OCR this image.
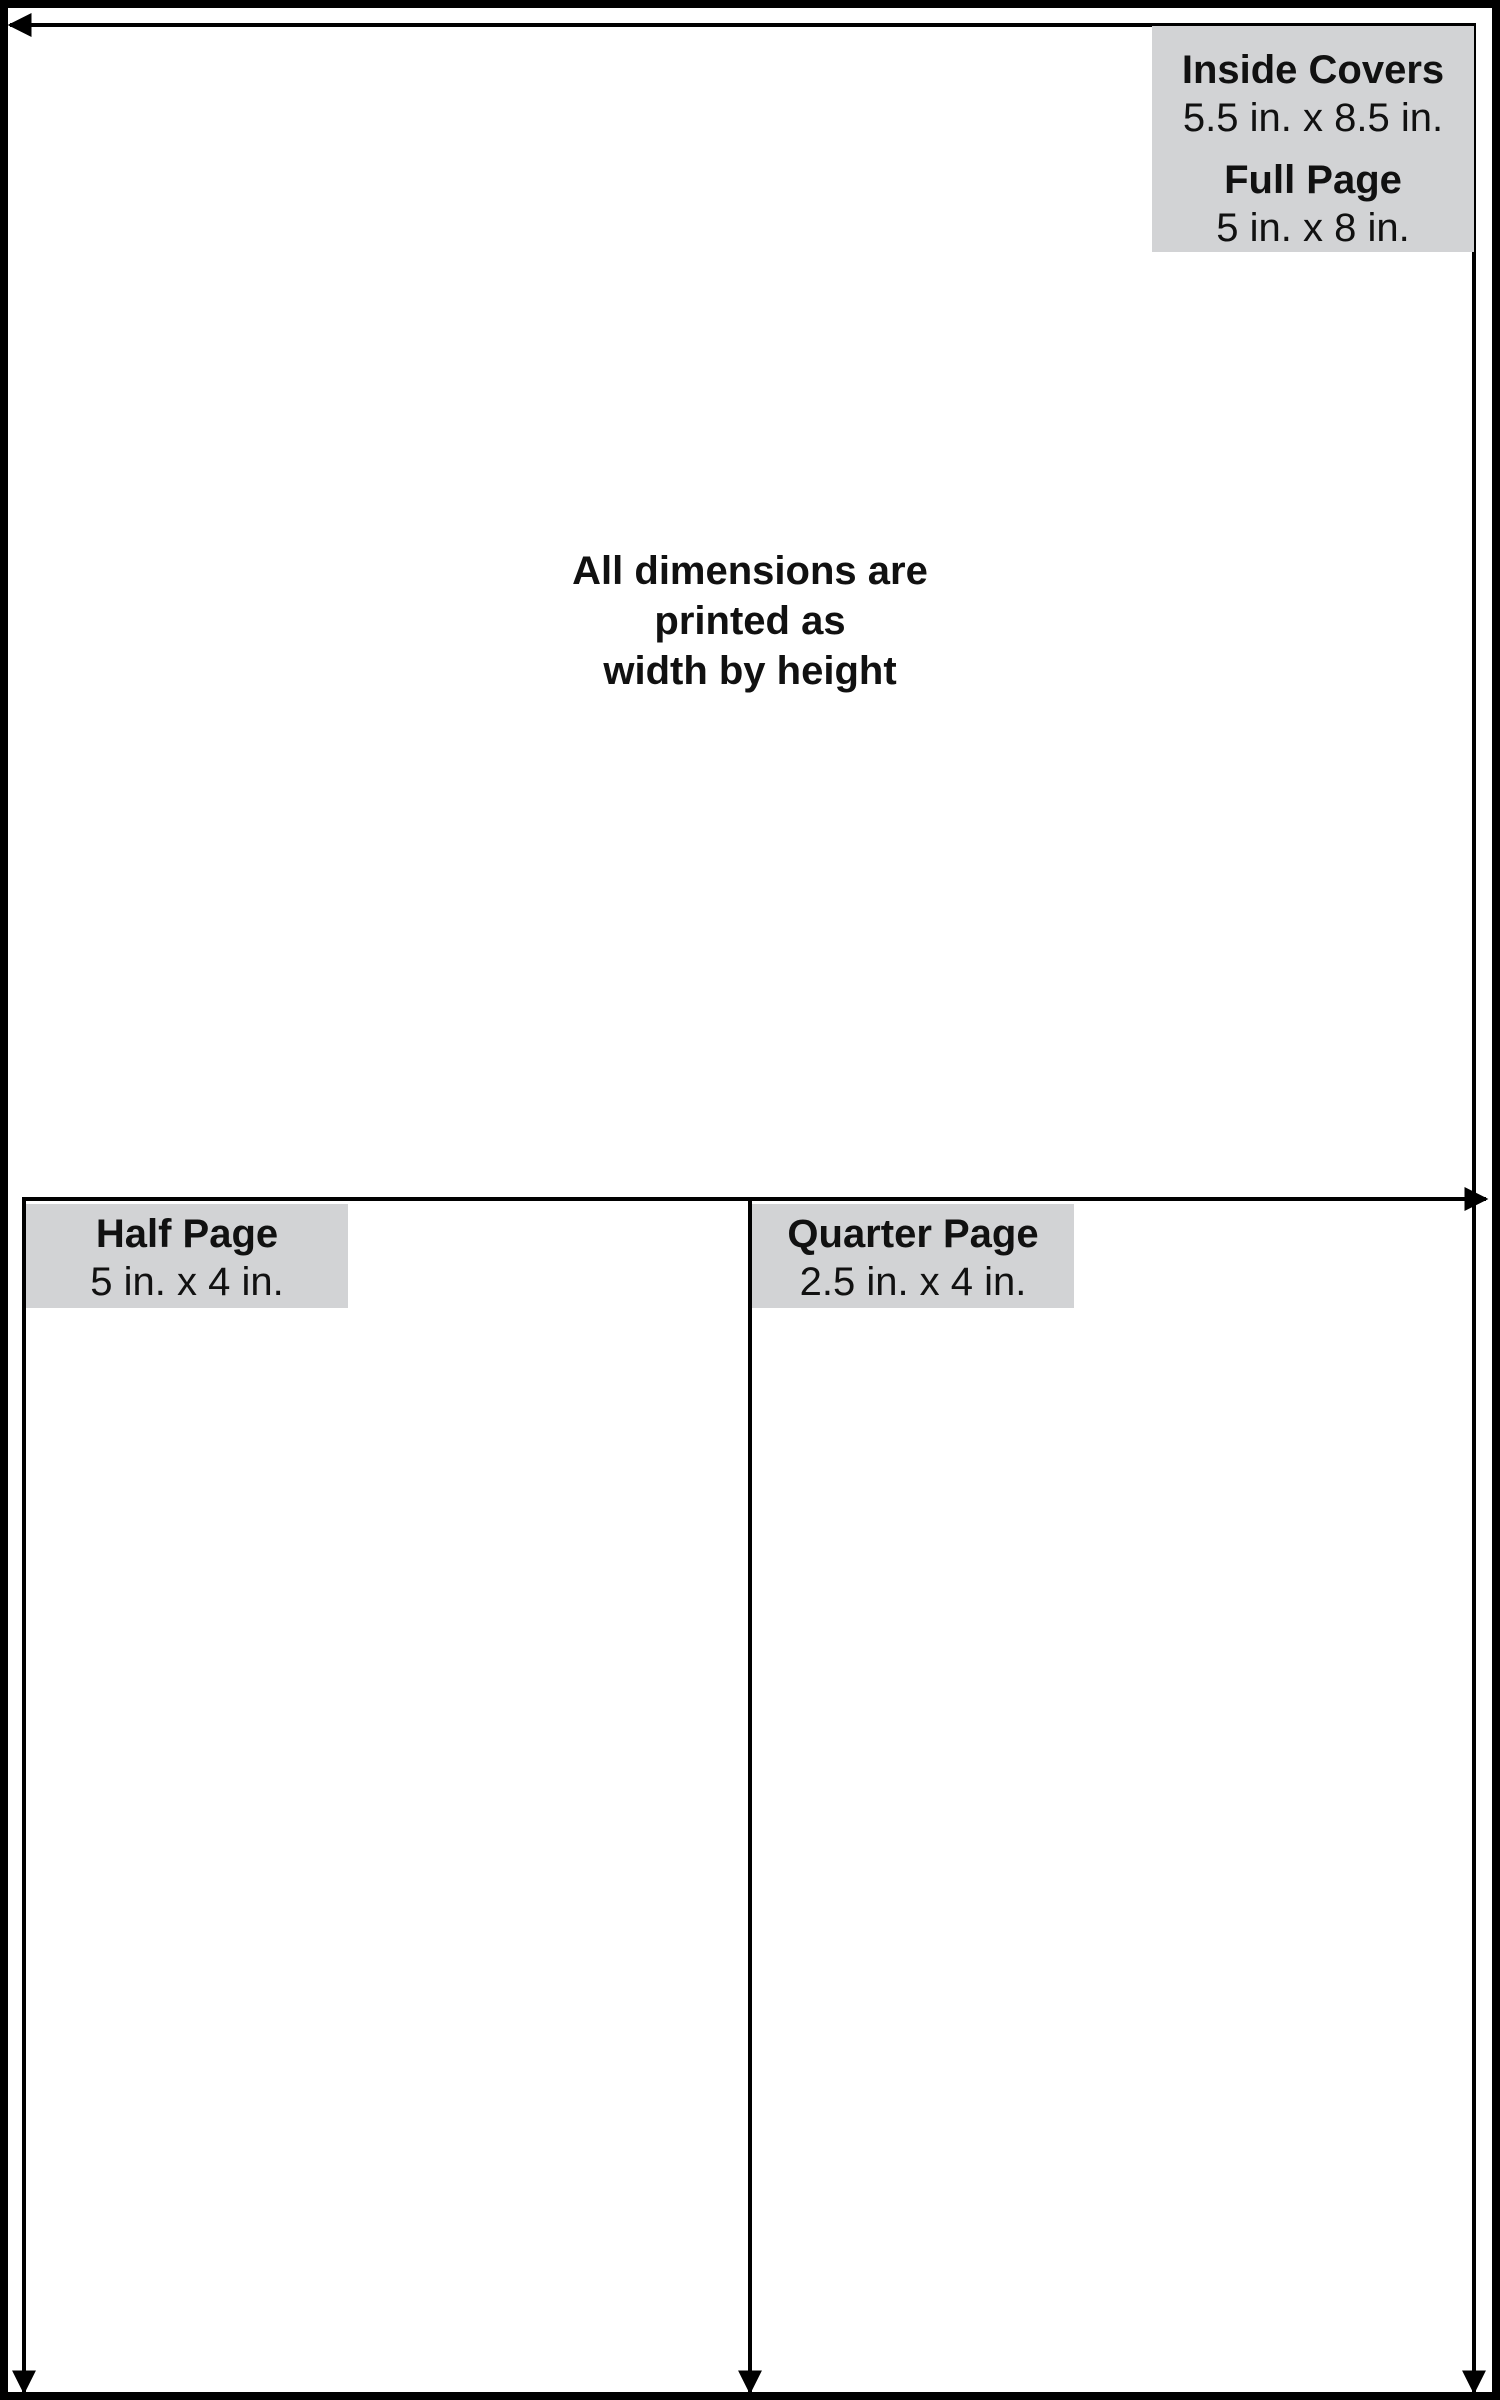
Inside Covers
5.5 in. x 8.5 in.
Full Page
5 in. x 8 in.
All dimensions are
printed as
width by height
Half Page
5 in. x 4 in.
Quarter Page
2.5 in. x 4 in.
